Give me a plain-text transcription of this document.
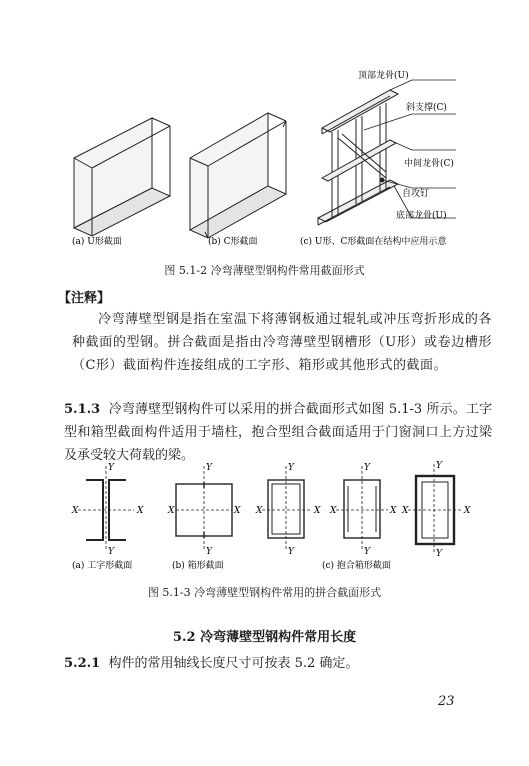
顶部龙骨(U)
斜支撑(C)
中间龙骨(C)
自攻钉
底部龙骨(U)
(a) U形截面	(b) C形截面	(c) U形、C形截面在结构中应用示意
图 5.1-2 冷弯薄壁型钢构件常用截面形式
【注释】

冷弯薄壁型钢是指在室温下将薄钢板通过辊轧或冲压弯折形成的各种截面的型钢。拼合截面是指由冷弯薄壁型钢槽形（U形）或卷边槽形（C形）截面构件连接组成的工字形、箱形或其他形式的截面。

5.1.3 冷弯薄壁型钢构件可以采用的拼合截面形式如图 5.1-3 所示。工字型和箱型截面构件适用于墙柱，抱合型组合截面适用于门窗洞口上方过梁及承受较大荷载的梁。

X	X
Y
Y
X	X
Y
Y
X	X
Y
Y
X	X
Y
Y
X	X
Y
Y
(a) 工字形截面	(b) 箱形截面	(c) 抱合箱形截面
图 5.1-3 冷弯薄壁型钢构件常用的拼合截面形式
5.2 冷弯薄壁型钢构件常用长度

5.2.1 构件的常用轴线长度尺寸可按表 5.2 确定。

23
